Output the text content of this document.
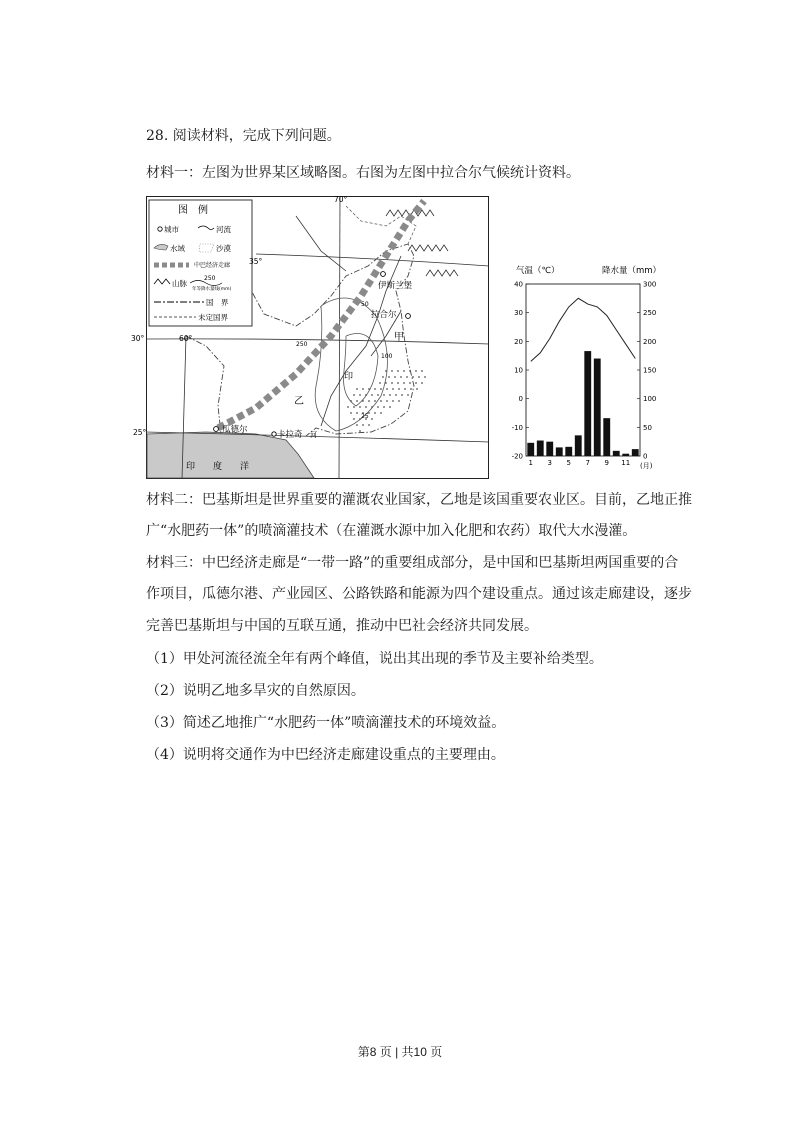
28. 阅读材料，完成下列问题。
材料一：左图为世界某区域略图。右图为左图中拉合尔气候统计资料。
图　例
城市	河流
水域	沙漠
中巴经济走廊
山脉
250
年等降水量线(mm)
国　界
未定国界
70°
35°
30°	60°
25°
伊斯兰堡
拉合尔
甲
印
乙
瓜德尔	卡拉奇 河
印　　度　　洋
250
50
25
100
气温（℃）	降水量（mm）
40
30
20
10
0
-10
-20
300
250
200
150
100
50
0
1 3 5 7 9 11 (月)
材料二：巴基斯坦是世界重要的灌溉农业国家，乙地是该国重要农业区。目前，乙地正推
广“水肥药一体”的喷滴灌技术（在灌溉水源中加入化肥和农药）取代大水漫灌。
材料三：中巴经济走廊是“一带一路”的重要组成部分，是中国和巴基斯坦两国重要的合
作项目，瓜德尔港、产业园区、公路铁路和能源为四个建设重点。通过该走廊建设，逐步
完善巴基斯坦与中国的互联互通，推动中巴社会经济共同发展。
（1）甲处河流径流全年有两个峰值，说出其出现的季节及主要补给类型。
（2）说明乙地多旱灾的自然原因。
（3）简述乙地推广“水肥药一体”喷滴灌技术的环境效益。
（4）说明将交通作为中巴经济走廊建设重点的主要理由。
第8 页 | 共10 页
